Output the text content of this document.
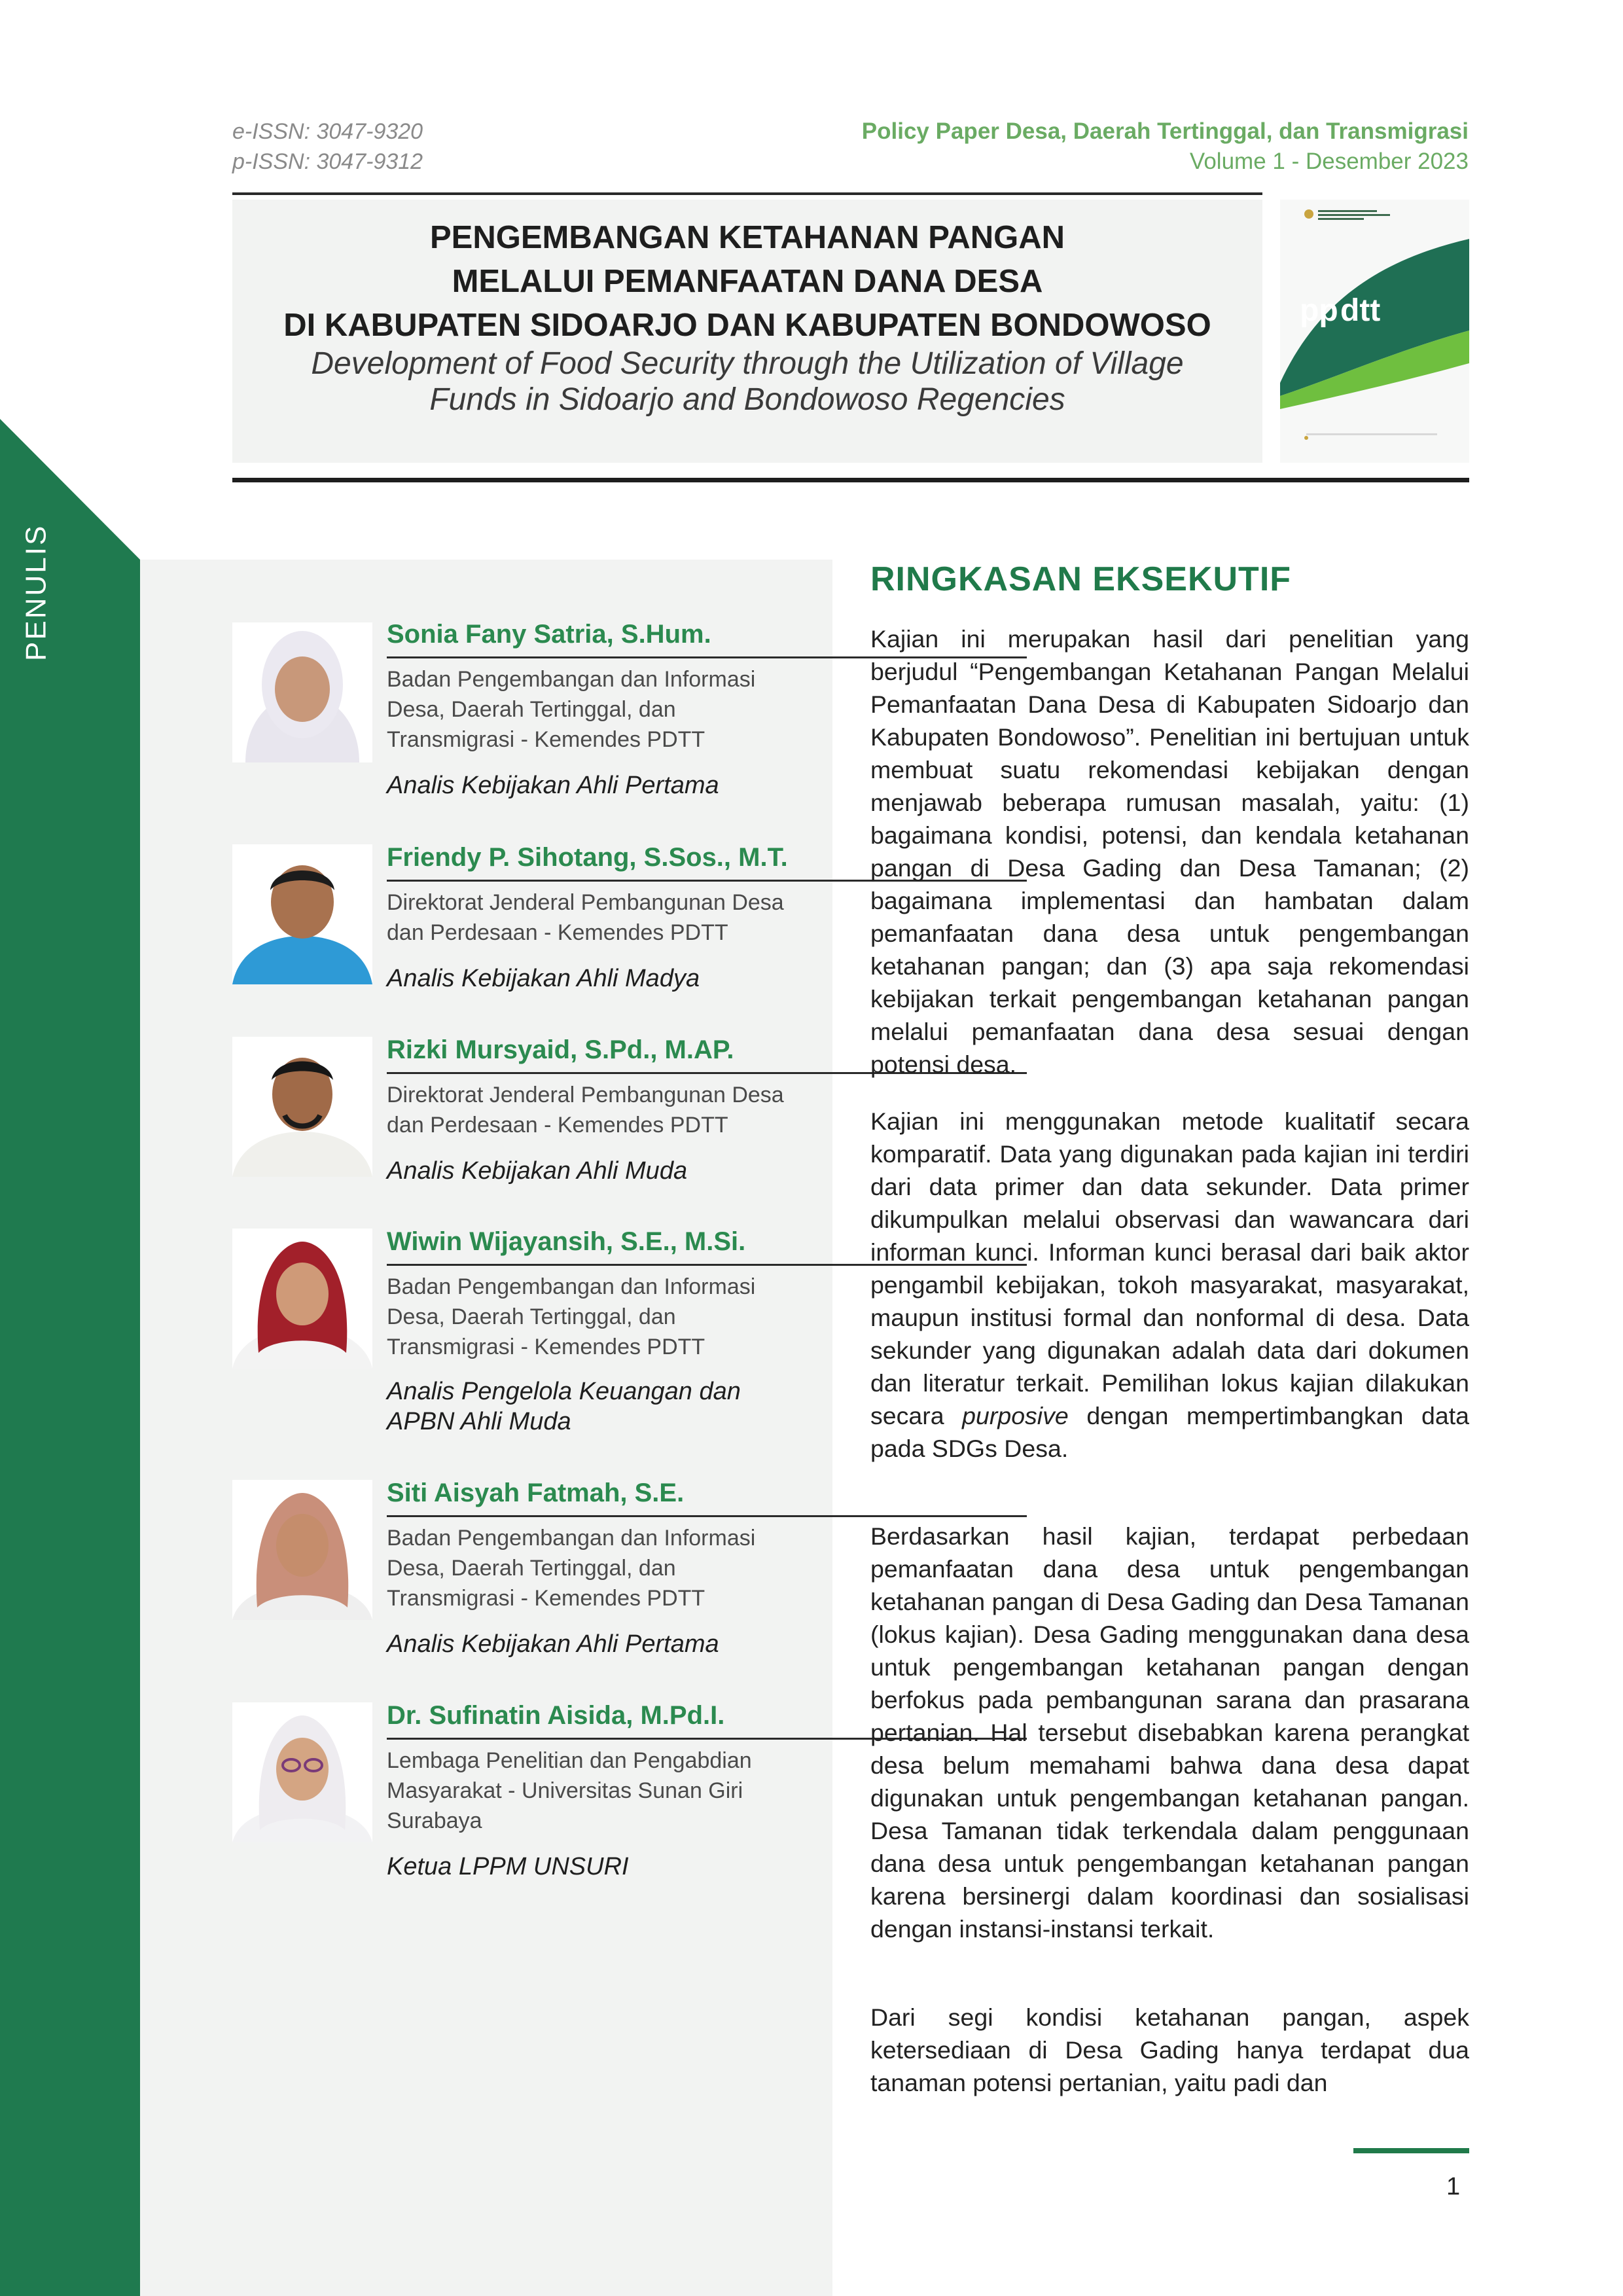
PENULIS
e-ISSN: 3047-9320
p-ISSN: 3047-9312
Policy Paper Desa, Daerah Tertinggal, dan Transmigrasi
Volume 1 - Desember 2023
PENGEMBANGAN KETAHANAN PANGAN
MELALUI PEMANFAATAN DANA DESA
DI KABUPATEN SIDOARJO DAN KABUPATEN BONDOWOSO
Development of Food Security through the Utilization of Village
Funds in Sidoarjo and Bondowoso Regencies
pp dtt
Sonia Fany Satria, S.Hum.
Badan Pengembangan dan Informasi Desa, Daerah Tertinggal, dan Transmigrasi - Kemendes PDTT
Analis Kebijakan Ahli Pertama
Friendy P. Sihotang, S.Sos., M.T.
Direktorat Jenderal Pembangunan Desa dan Perdesaan - Kemendes PDTT
Analis Kebijakan Ahli Madya
Rizki Mursyaid, S.Pd., M.AP.
Direktorat Jenderal Pembangunan Desa dan Perdesaan - Kemendes PDTT
Analis Kebijakan Ahli Muda
Wiwin Wijayansih, S.E., M.Si.
Badan Pengembangan dan Informasi Desa, Daerah Tertinggal, dan Transmigrasi - Kemendes PDTT
Analis Pengelola Keuangan dan APBN Ahli Muda
Siti Aisyah Fatmah, S.E.
Badan Pengembangan dan Informasi Desa, Daerah Tertinggal, dan Transmigrasi - Kemendes PDTT
Analis Kebijakan Ahli Pertama
Dr. Sufinatin Aisida, M.Pd.I.
Lembaga Penelitian dan Pengabdian Masyarakat - Universitas Sunan Giri Surabaya
Ketua LPPM UNSURI
RINGKASAN EKSEKUTIF
Kajian ini merupakan hasil dari penelitian yang berjudul “Pengembangan Ketahanan Pangan Melalui Pemanfaatan Dana Desa di Kabupaten Sidoarjo dan Kabupaten Bondowoso”. Penelitian ini bertujuan untuk membuat suatu rekomendasi kebijakan dengan menjawab beberapa rumusan masalah, yaitu: (1) bagaimana kondisi, potensi, dan kendala ketahanan pangan di Desa Gading dan Desa Tamanan; (2) bagaimana implementasi dan hambatan dalam pemanfaatan dana desa untuk pengembangan ketahanan pangan; dan (3) apa saja rekomendasi kebijakan terkait pengembangan ketahanan pangan melalui pemanfaatan dana desa sesuai dengan potensi desa.
Kajian ini menggunakan metode kualitatif secara komparatif. Data yang digunakan pada kajian ini terdiri dari data primer dan data sekunder. Data primer dikumpulkan melalui observasi dan wawancara dari informan kunci. Informan kunci berasal dari baik aktor pengambil kebijakan, tokoh masyarakat, masyarakat, maupun institusi formal dan nonformal di desa. Data sekunder yang digunakan adalah data dari dokumen dan literatur terkait. Pemilihan lokus kajian dilakukan secara purposive dengan mempertimbangkan data pada SDGs Desa.
Berdasarkan hasil kajian, terdapat perbedaan pemanfaatan dana desa untuk pengembangan ketahanan pangan di Desa Gading dan Desa Tamanan (lokus kajian). Desa Gading menggunakan dana desa untuk pengembangan ketahanan pangan dengan berfokus pada pembangunan sarana dan prasarana pertanian. Hal tersebut disebabkan karena perangkat desa belum memahami bahwa dana desa dapat digunakan untuk pengembangan ketahanan pangan. Desa Tamanan tidak terkendala dalam penggunaan dana desa untuk pengembangan ketahanan pangan karena bersinergi dalam koordinasi dan sosialisasi dengan instansi-instansi terkait.
Dari segi kondisi ketahanan pangan, aspek ketersediaan di Desa Gading hanya terdapat dua tanaman potensi pertanian, yaitu padi dan
1
